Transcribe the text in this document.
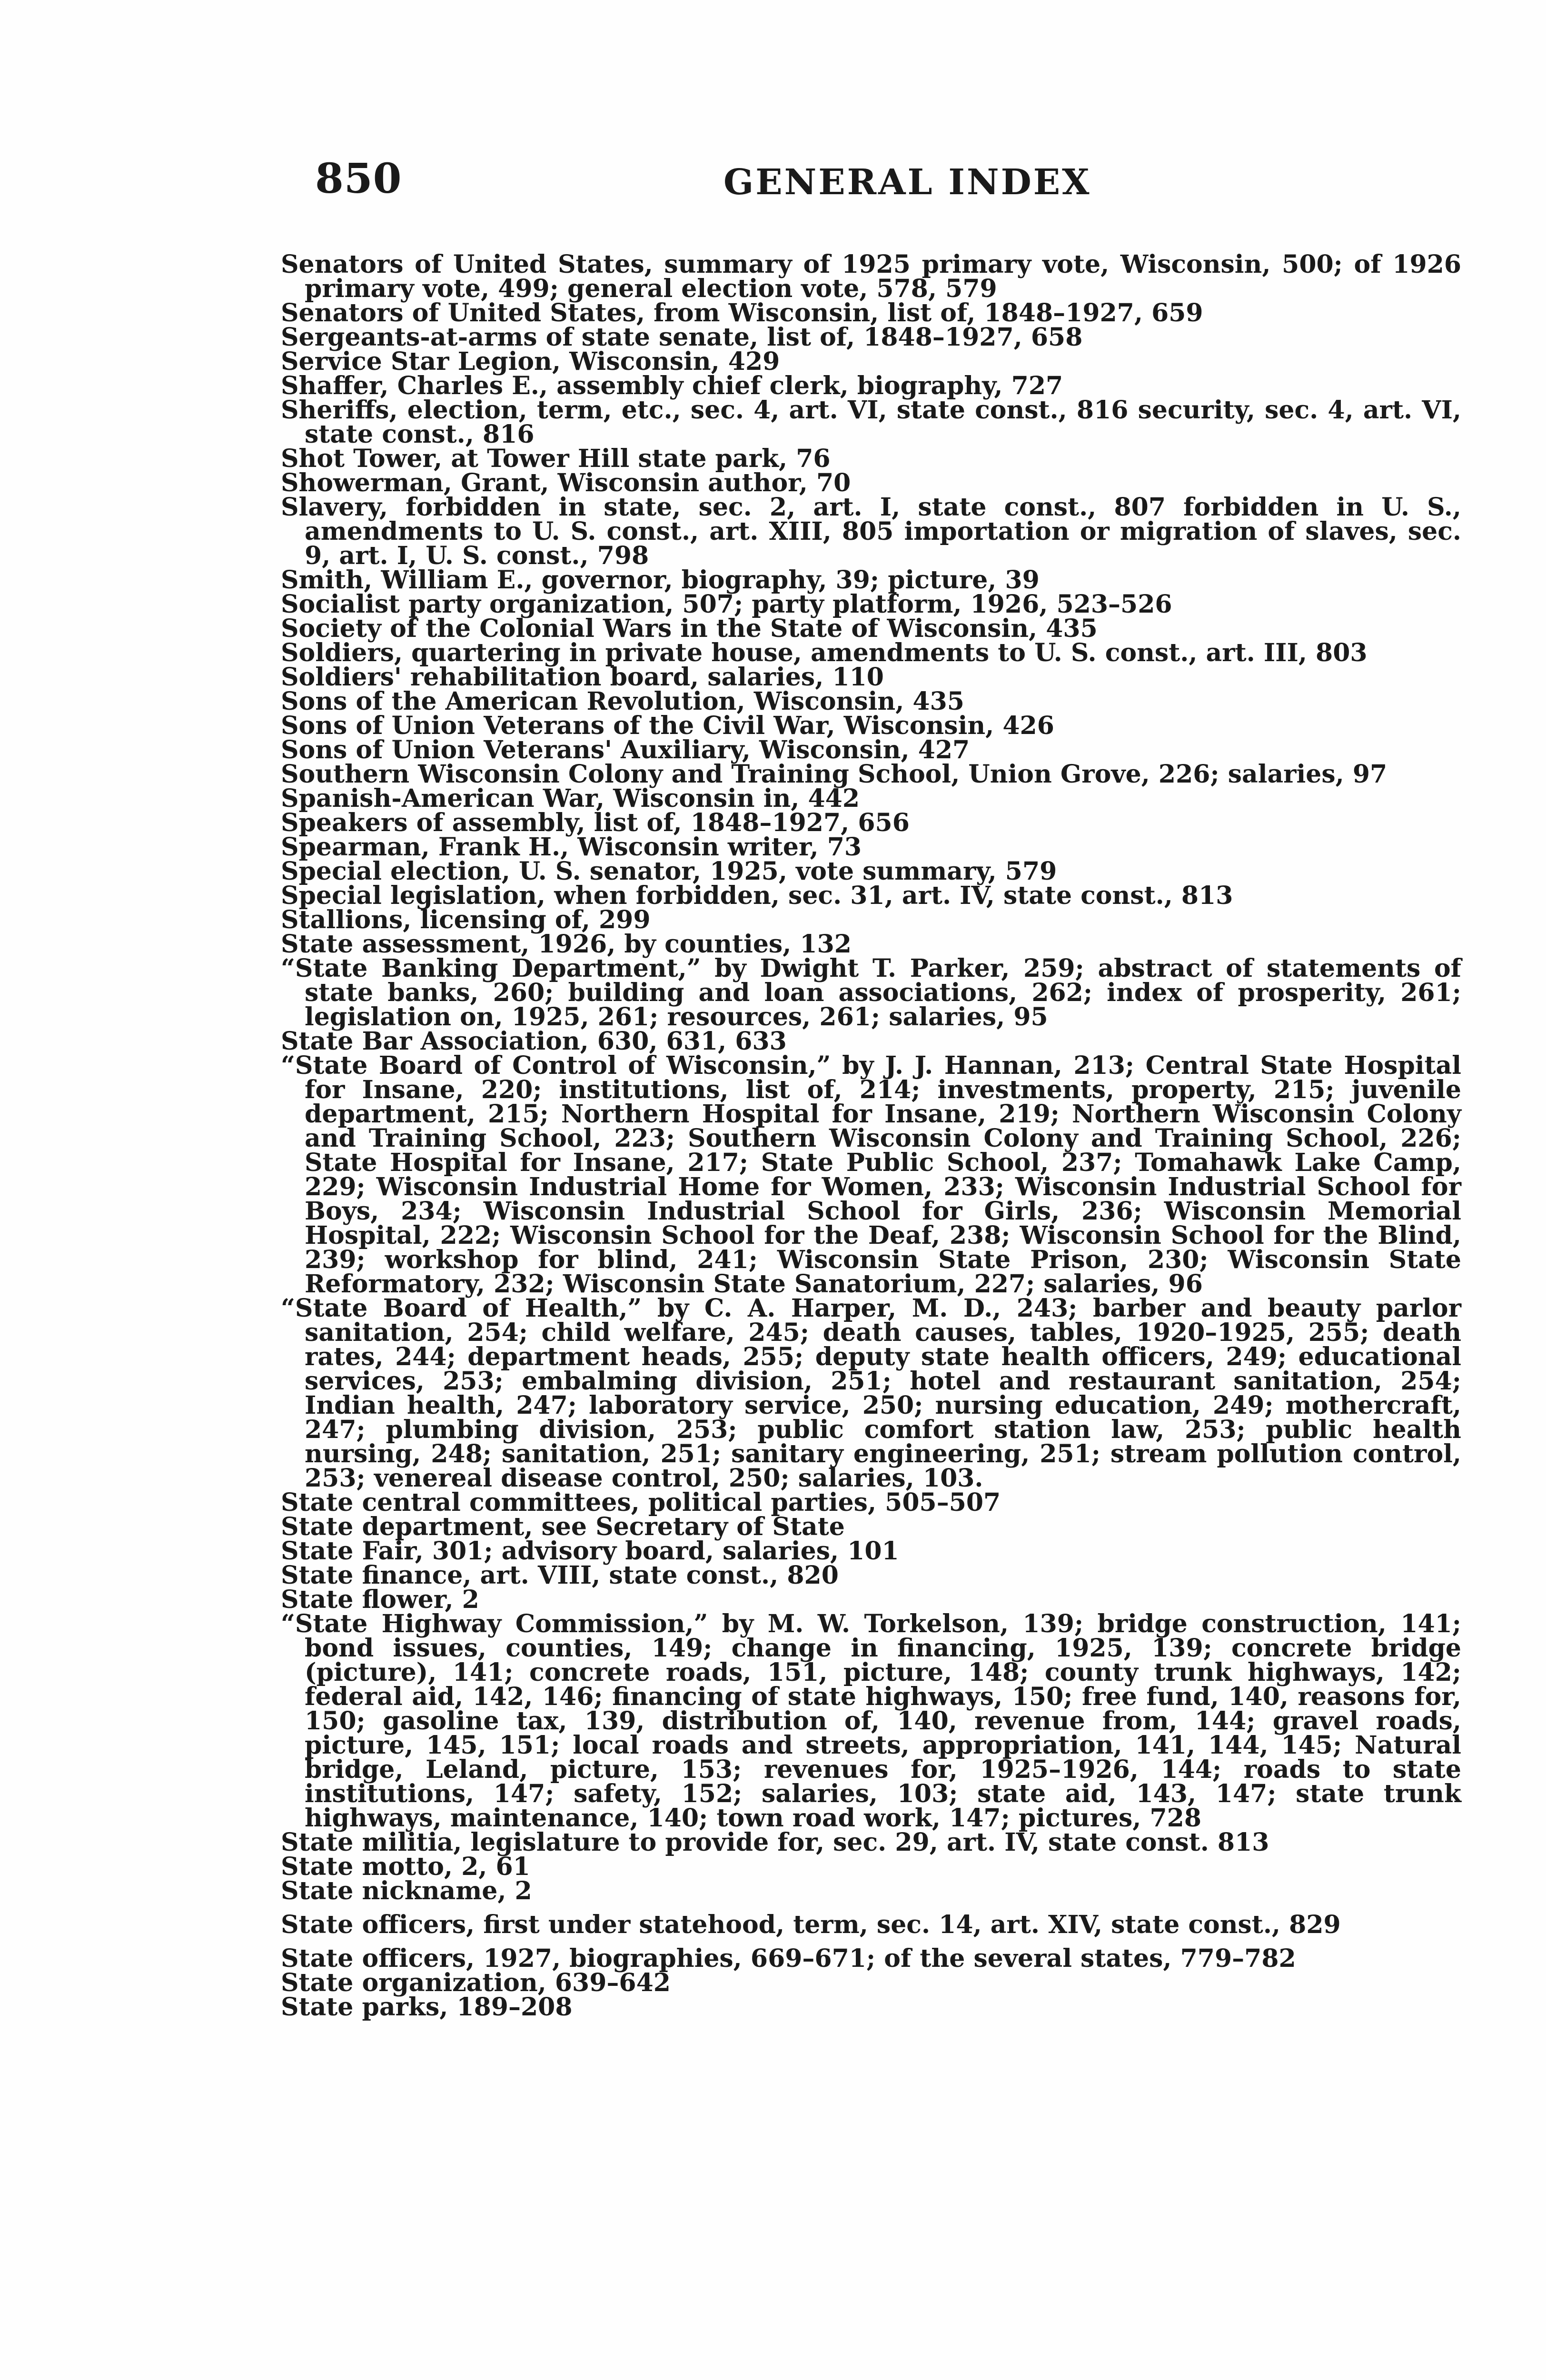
850	GENERAL INDEX

Senators of United States, summary of 1925 primary vote, Wisconsin, 500; of 1926 primary vote, 499; general election vote, 578, 579

Senators of United States, from Wisconsin, list of, 1848–1927, 659

Sergeants-at-arms of state senate, list of, 1848–1927, 658

Service Star Legion, Wisconsin, 429

Shaffer, Charles E., assembly chief clerk, biography, 727

Sheriffs, election, term, etc., sec. 4, art. VI, state const., 816 security, sec. 4, art. VI, state const., 816

Shot Tower, at Tower Hill state park, 76

Showerman, Grant, Wisconsin author, 70

Slavery, forbidden in state, sec. 2, art. I, state const., 807 forbidden in U. S., amendments to U. S. const., art. XIII, 805 importation or migration of slaves, sec. 9, art. I, U. S. const., 798

Smith, William E., governor, biography, 39; picture, 39

Socialist party organization, 507; party platform, 1926, 523–526

Society of the Colonial Wars in the State of Wisconsin, 435

Soldiers, quartering in private house, amendments to U. S. const., art. III, 803

Soldiers' rehabilitation board, salaries, 110

Sons of the American Revolution, Wisconsin, 435

Sons of Union Veterans of the Civil War, Wisconsin, 426

Sons of Union Veterans' Auxiliary, Wisconsin, 427

Southern Wisconsin Colony and Training School, Union Grove, 226; salaries, 97

Spanish-American War, Wisconsin in, 442

Speakers of assembly, list of, 1848–1927, 656

Spearman, Frank H., Wisconsin writer, 73

Special election, U. S. senator, 1925, vote summary, 579

Special legislation, when forbidden, sec. 31, art. IV, state const., 813

Stallions, licensing of, 299

State assessment, 1926, by counties, 132

“State Banking Department,” by Dwight T. Parker, 259; abstract of statements of state banks, 260; building and loan associations, 262; index of prosperity, 261; legislation on, 1925, 261; resources, 261; salaries, 95

State Bar Association, 630, 631, 633

“State Board of Control of Wisconsin,” by J. J. Hannan, 213; Central State Hospital for Insane, 220; institutions, list of, 214; investments, property, 215; juvenile department, 215; Northern Hospital for Insane, 219; Northern Wisconsin Colony and Training School, 223; Southern Wisconsin Colony and Training School, 226; State Hospital for Insane, 217; State Public School, 237; Tomahawk Lake Camp, 229; Wisconsin Industrial Home for Women, 233; Wisconsin Industrial School for Boys, 234; Wisconsin Industrial School for Girls, 236; Wisconsin Memorial Hospital, 222; Wisconsin School for the Deaf, 238; Wisconsin School for the Blind, 239; workshop for blind, 241; Wisconsin State Prison, 230; Wisconsin State Reformatory, 232; Wisconsin State Sanatorium, 227; salaries, 96

“State Board of Health,” by C. A. Harper, M. D., 243; barber and beauty parlor sanitation, 254; child welfare, 245; death causes, tables, 1920–1925, 255; death rates, 244; department heads, 255; deputy state health officers, 249; educational services, 253; embalming division, 251; hotel and restaurant sanitation, 254; Indian health, 247; laboratory service, 250; nursing education, 249; mothercraft, 247; plumbing division, 253; public comfort station law, 253; public health nursing, 248; sanitation, 251; sanitary engineering, 251; stream pollution control, 253; venereal disease control, 250; salaries, 103.

State central committees, political parties, 505–507

State department, see Secretary of State

State Fair, 301; advisory board, salaries, 101

State finance, art. VIII, state const., 820

State flower, 2

“State Highway Commission,” by M. W. Torkelson, 139; bridge construction, 141; bond issues, counties, 149; change in financing, 1925, 139; concrete bridge (picture), 141; concrete roads, 151, picture, 148; county trunk highways, 142; federal aid, 142, 146; financing of state highways, 150; free fund, 140, reasons for, 150; gasoline tax, 139, distribution of, 140, revenue from, 144; gravel roads, picture, 145, 151; local roads and streets, appropriation, 141, 144, 145; Natural bridge, Leland, picture, 153; revenues for, 1925–1926, 144; roads to state institutions, 147; safety, 152; salaries, 103; state aid, 143, 147; state trunk highways, maintenance, 140; town road work, 147; pictures, 728

State militia, legislature to provide for, sec. 29, art. IV, state const. 813

State motto, 2, 61

State nickname, 2

State officers, first under statehood, term, sec. 14, art. XIV, state const., 829

State officers, 1927, biographies, 669–671; of the several states, 779–782

State organization, 639–642

State parks, 189–208
